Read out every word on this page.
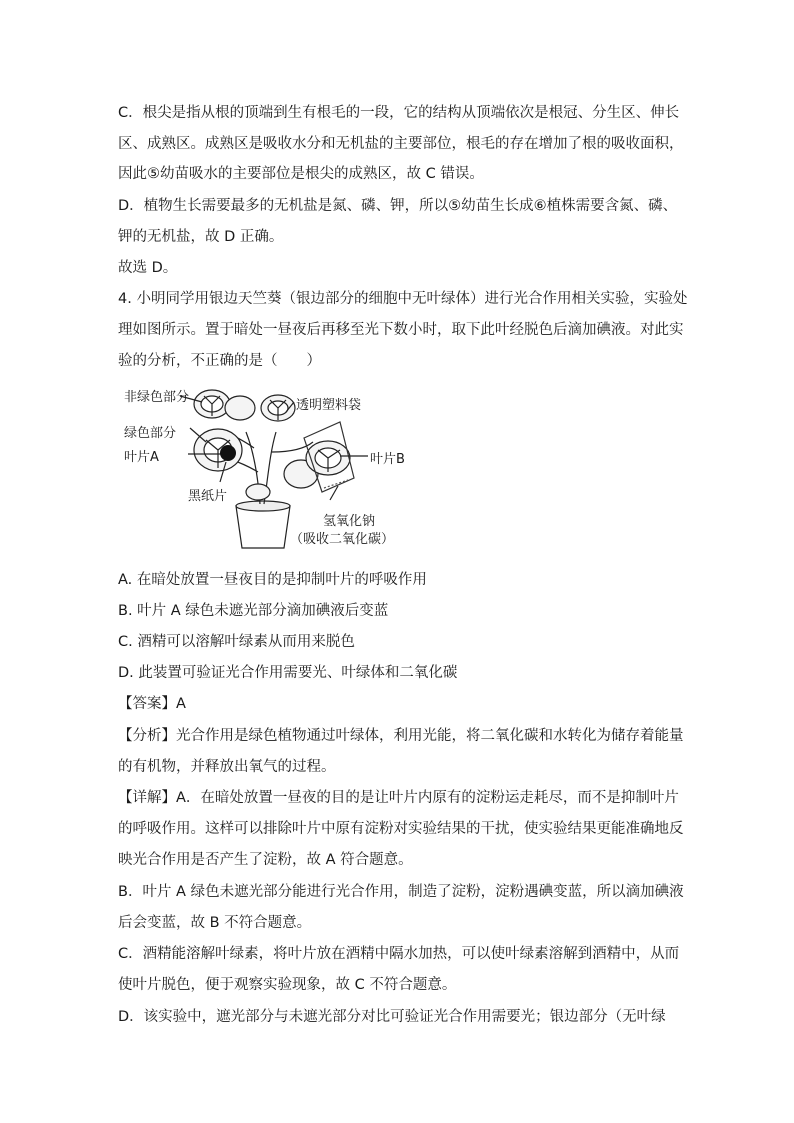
C．根尖是指从根的顶端到生有根毛的一段，它的结构从顶端依次是根冠、分生区、伸长
区、成熟区。成熟区是吸收水分和无机盐的主要部位，根毛的存在增加了根的吸收面积，
因此⑤幼苗吸水的主要部位是根尖的成熟区，故 C 错误。
D．植物生长需要最多的无机盐是氮、磷、钾，所以⑤幼苗生长成⑥植株需要含氮、磷、
钾的无机盐，故 D 正确。
故选 D。
4. 小明同学用银边天竺葵（银边部分的细胞中无叶绿体）进行光合作用相关实验，实验处
理如图所示。置于暗处一昼夜后再移至光下数小时，取下此叶经脱色后滴加碘液。对此实
验的分析，不正确的是（　　）
非绿色部分
透明塑料袋
绿色部分
叶片A	叶片B
黑纸片
氢氧化钠
（吸收二氧化碳）
A. 在暗处放置一昼夜目的是抑制叶片的呼吸作用
B. 叶片 A 绿色未遮光部分滴加碘液后变蓝
C. 酒精可以溶解叶绿素从而用来脱色
D. 此装置可验证光合作用需要光、叶绿体和二氧化碳
【答案】A
【分析】光合作用是绿色植物通过叶绿体，利用光能，将二氧化碳和水转化为储存着能量
的有机物，并释放出氧气的过程。
【详解】A．在暗处放置一昼夜的目的是让叶片内原有的淀粉运走耗尽，而不是抑制叶片
的呼吸作用。这样可以排除叶片中原有淀粉对实验结果的干扰，使实验结果更能准确地反
映光合作用是否产生了淀粉，故 A 符合题意。
B．叶片 A 绿色未遮光部分能进行光合作用，制造了淀粉，淀粉遇碘变蓝，所以滴加碘液
后会变蓝，故 B 不符合题意。
C．酒精能溶解叶绿素，将叶片放在酒精中隔水加热，可以使叶绿素溶解到酒精中，从而
使叶片脱色，便于观察实验现象，故 C 不符合题意。
D．该实验中，遮光部分与未遮光部分对比可验证光合作用需要光；银边部分（无叶绿
